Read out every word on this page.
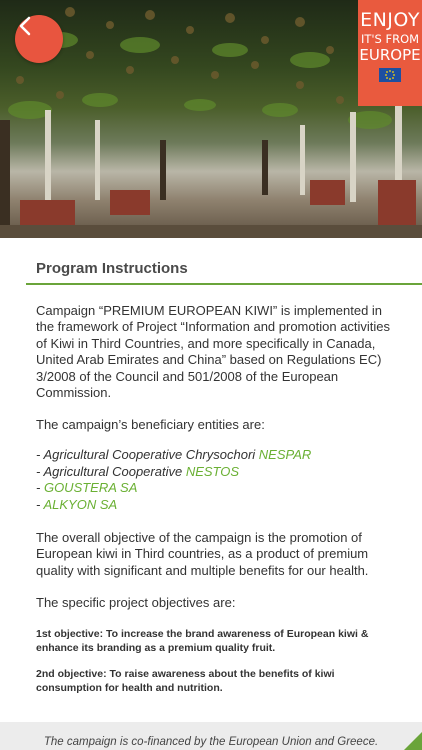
ENJOY
IT'S FROM
EUROPE
Program Instructions

Campaign “PREMIUM EUROPEAN KIWI” is implemented in the framework of Project “Information and promotion activities of Kiwi in Third Countries, and more specifically in Canada, United Arab Emirates and China” based on Regulations EC) 3/2008 of the Council and 501/2008 of the European Commission.

The campaign’s beneficiary entities are:
- Agricultural Cooperative Chrysochori NESPAR
- Agricultural Cooperative NESTOS
- GOUSTERA SA
- ALKYON SA

The overall objective of the campaign is the promotion of European kiwi in Third countries, as a product of premium quality with significant and multiple benefits for our health.

The specific project objectives are:
1st objective: To increase the brand awareness of European kiwi & enhance its branding as a premium quality fruit.
2nd objective: To raise awareness about the benefits of kiwi consumption for health and nutrition.
The campaign is co-financed by the European Union and Greece.
